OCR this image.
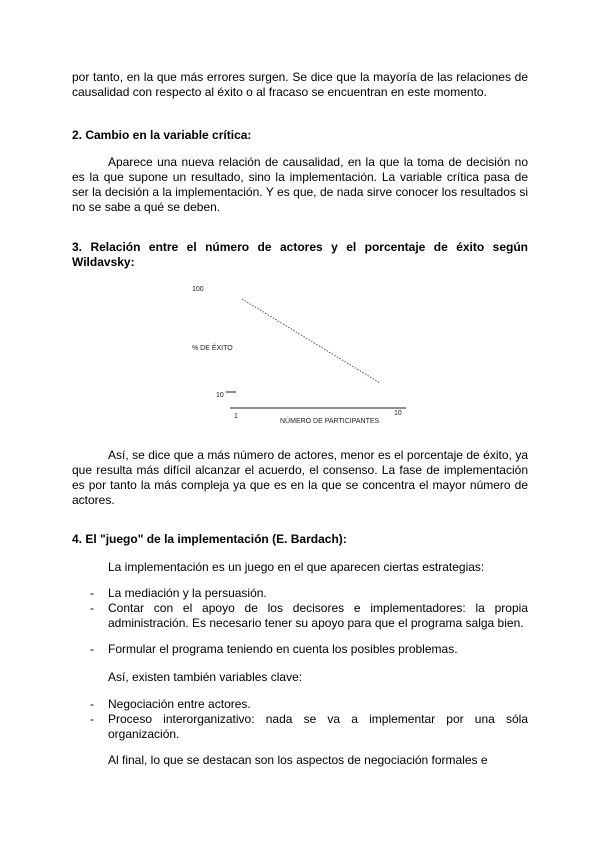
por tanto, en la que más errores surgen. Se dice que la mayoría de las relaciones de causalidad con respecto al éxito o al fracaso se encuentran en este momento.

2. Cambio en la variable crítica:

Aparece una nueva relación de causalidad, en la que la toma de decisión no es la que supone un resultado, sino la implementación. La variable crítica pasa de ser la decisión a la implementación. Y es que, de nada sirve conocer los resultados si no se sabe a qué se deben.

3. Relación entre el número de actores y el porcentaje de éxito según Wildavsky:

100
% DE ÉXITO
10
1
NÚMERO DE PARTICIPANTES
10

Así, se dice que a más número de actores, menor es el porcentaje de éxito, ya que resulta más difícil alcanzar el acuerdo, el consenso. La fase de implementación es por tanto la más compleja ya que es en la que se concentra el mayor número de actores.

4. El "juego" de la implementación (E. Bardach):

La implementación es un juego en el que aparecen ciertas estrategias:

- La mediación y la persuasión.
- Contar con el apoyo de los decisores e implementadores: la propia administración. Es necesario tener su apoyo para que el programa salga bien.
- Formular el programa teniendo en cuenta los posibles problemas.

Así, existen también variables clave:

- Negociación entre actores.
- Proceso interorganizativo: nada se va a implementar por una sóla organización.

Al final, lo que se destacan son los aspectos de negociación formales e
